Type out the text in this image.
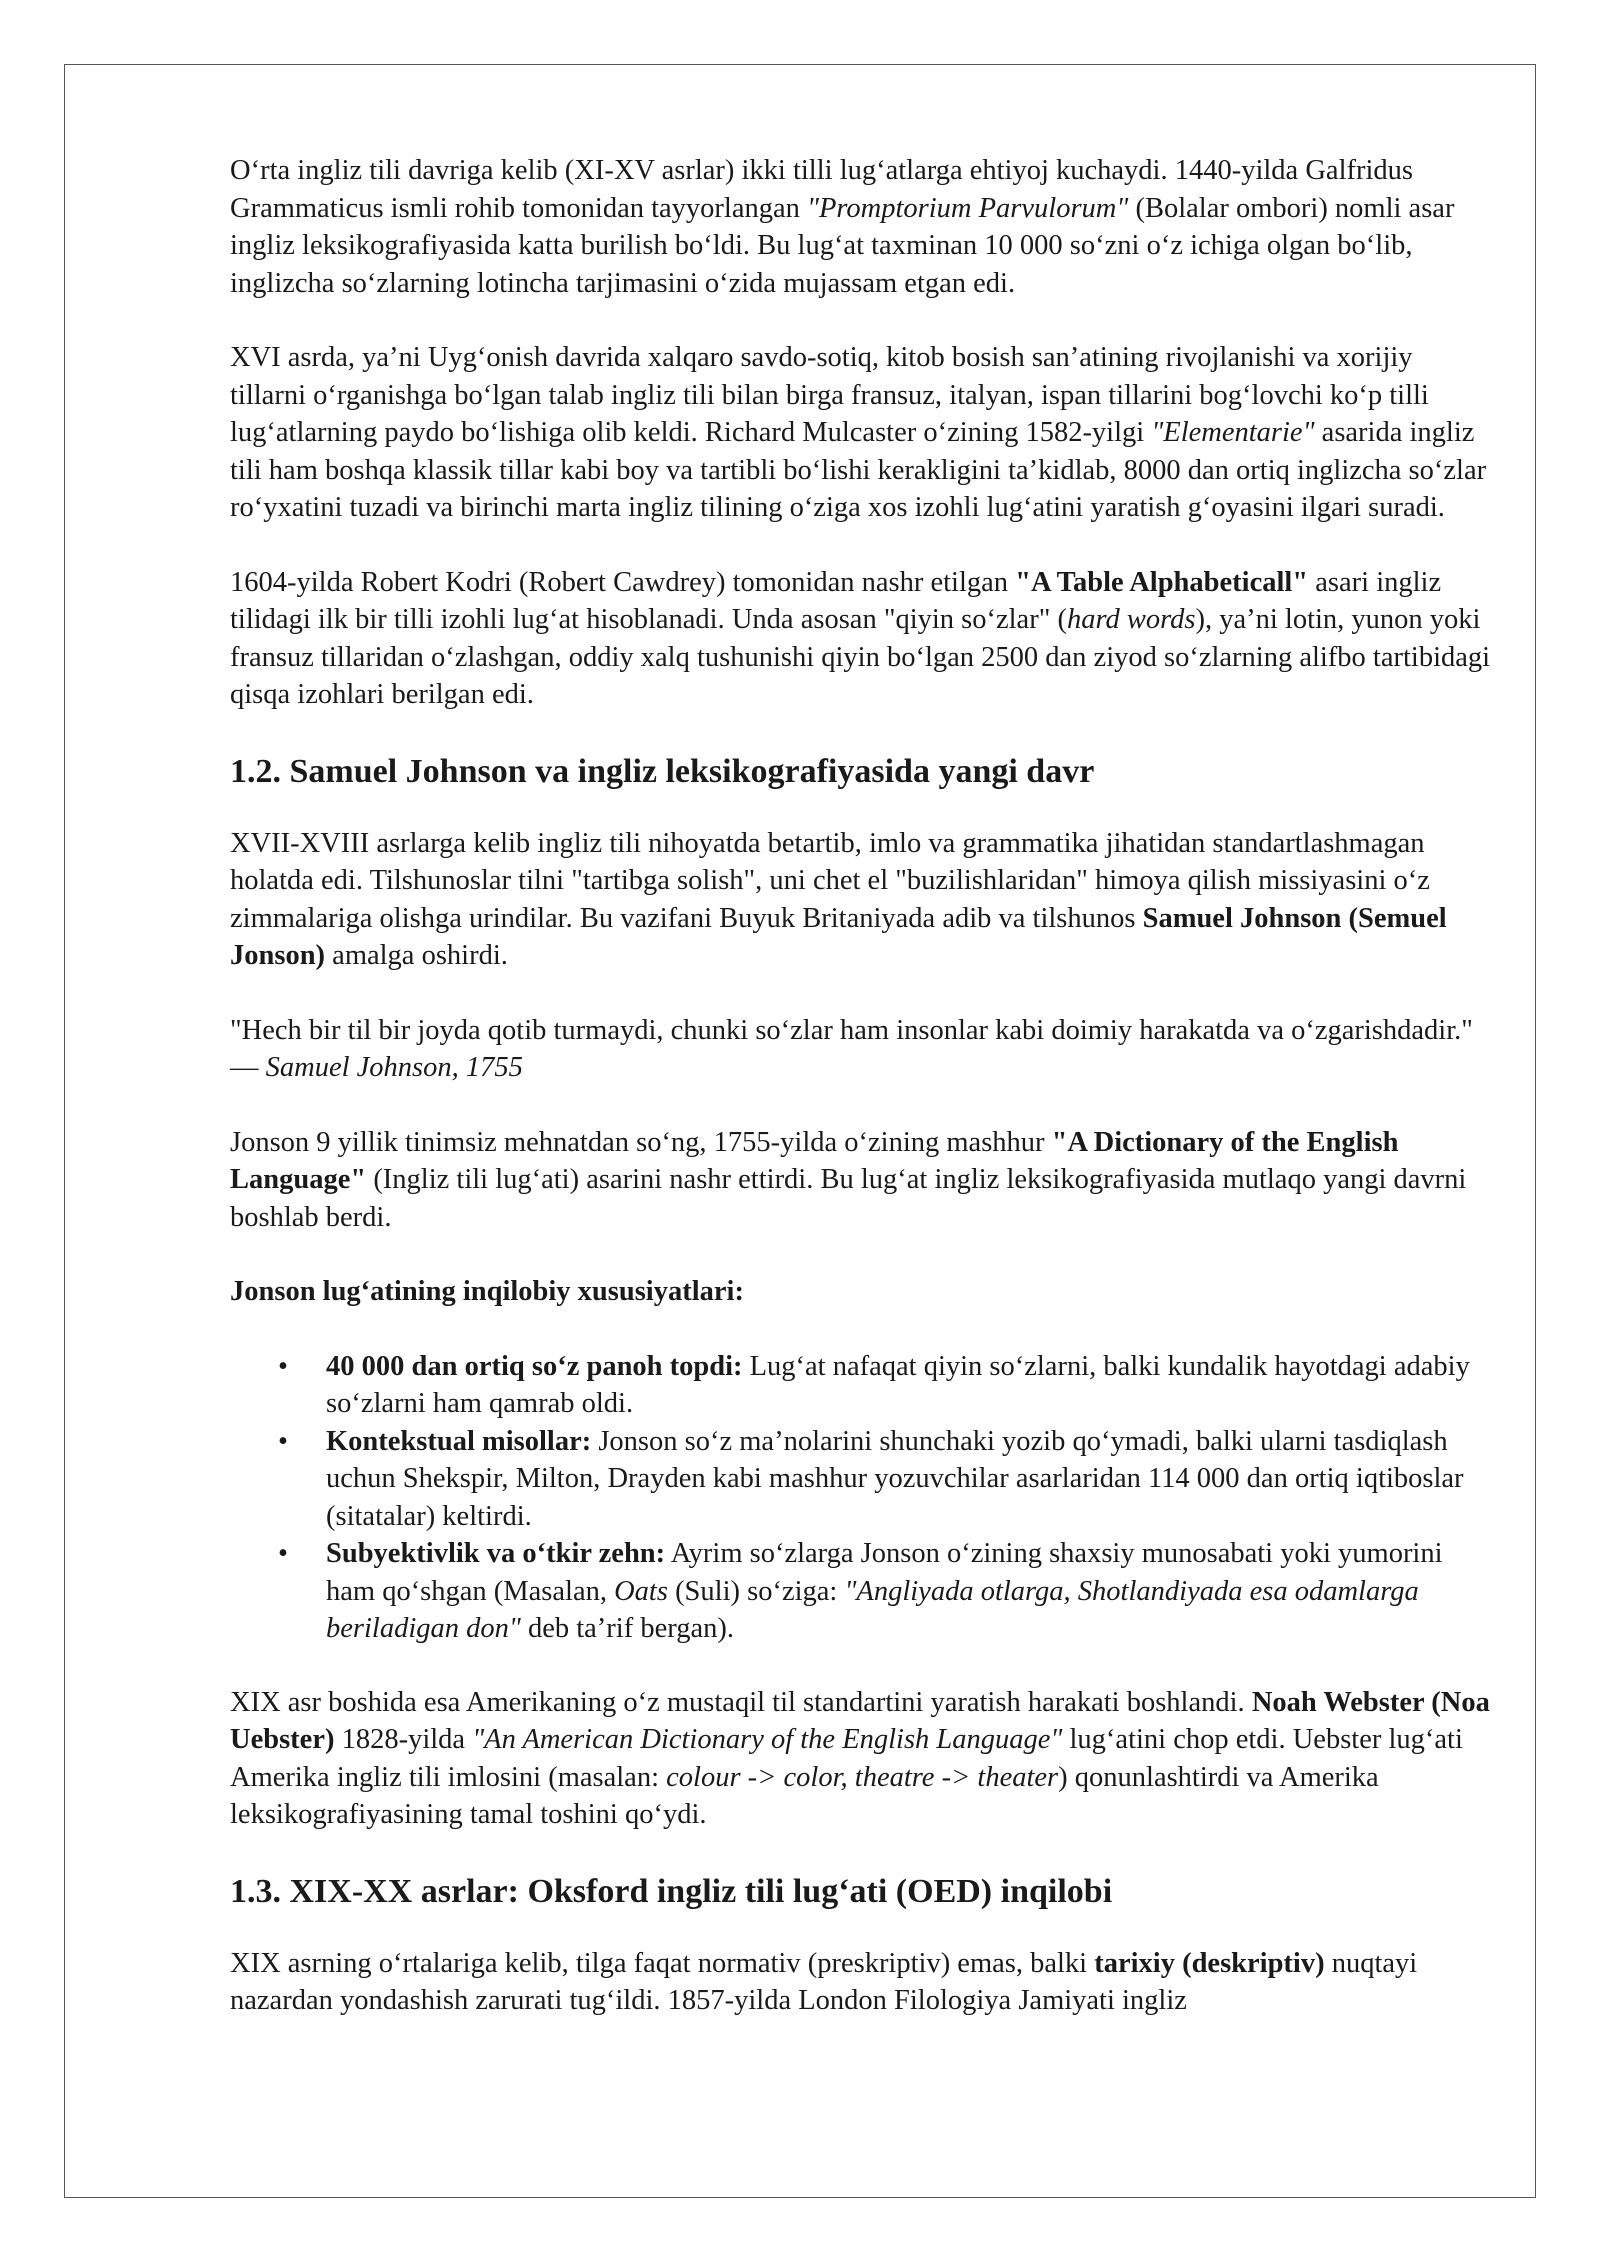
O‘rta ingliz tili davriga kelib (XI-XV asrlar) ikki tilli lug‘atlarga ehtiyoj kuchaydi. 1440-yilda Galfridus Grammaticus ismli rohib tomonidan tayyorlangan "Promptorium Parvulorum" (Bolalar ombori) nomli asar ingliz leksikografiyasida katta burilish bo‘ldi. Bu lug‘at taxminan 10 000 so‘zni o‘z ichiga olgan bo‘lib, inglizcha so‘zlarning lotincha tarjimasini o‘zida mujassam etgan edi.

XVI asrda, ya’ni Uyg‘onish davrida xalqaro savdo-sotiq, kitob bosish san’atining rivojlanishi va xorijiy tillarni o‘rganishga bo‘lgan talab ingliz tili bilan birga fransuz, italyan, ispan tillarini bog‘lovchi ko‘p tilli lug‘atlarning paydo bo‘lishiga olib keldi. Richard Mulcaster o‘zining 1582-yilgi "Elementarie" asarida ingliz tili ham boshqa klassik tillar kabi boy va tartibli bo‘lishi kerakligini ta’kidlab, 8000 dan ortiq inglizcha so‘zlar ro‘yxatini tuzadi va birinchi marta ingliz tilining o‘ziga xos izohli lug‘atini yaratish g‘oyasini ilgari suradi.

1604-yilda Robert Kodri (Robert Cawdrey) tomonidan nashr etilgan "A Table Alphabeticall" asari ingliz tilidagi ilk bir tilli izohli lug‘at hisoblanadi. Unda asosan "qiyin so‘zlar" (hard words), ya’ni lotin, yunon yoki fransuz tillaridan o‘zlashgan, oddiy xalq tushunishi qiyin bo‘lgan 2500 dan ziyod so‘zlarning alifbo tartibidagi qisqa izohlari berilgan edi.

1.2. Samuel Johnson va ingliz leksikografiyasida yangi davr

XVII-XVIII asrlarga kelib ingliz tili nihoyatda betartib, imlo va grammatika jihatidan standartlashmagan holatda edi. Tilshunoslar tilni "tartibga solish", uni chet el "buzilishlaridan" himoya qilish missiyasini o‘z zimmalariga olishga urindilar. Bu vazifani Buyuk Britaniyada adib va tilshunos Samuel Johnson (Semuel Jonson) amalga oshirdi.

"Hech bir til bir joyda qotib turmaydi, chunki so‘zlar ham insonlar kabi doimiy harakatda va o‘zgarishdadir." — Samuel Johnson, 1755

Jonson 9 yillik tinimsiz mehnatdan so‘ng, 1755-yilda o‘zining mashhur "A Dictionary of the English Language" (Ingliz tili lug‘ati) asarini nashr ettirdi. Bu lug‘at ingliz leksikografiyasida mutlaqo yangi davrni boshlab berdi.

Jonson lug‘atining inqilobiy xususiyatlari:

• 40 000 dan ortiq so‘z panoh topdi: Lug‘at nafaqat qiyin so‘zlarni, balki kundalik hayotdagi adabiy so‘zlarni ham qamrab oldi.
• Kontekstual misollar: Jonson so‘z ma’nolarini shunchaki yozib qo‘ymadi, balki ularni tasdiqlash uchun Shekspir, Milton, Drayden kabi mashhur yozuvchilar asarlaridan 114 000 dan ortiq iqtiboslar (sitatalar) keltirdi.
• Subyektivlik va o‘tkir zehn: Ayrim so‘zlarga Jonson o‘zining shaxsiy munosabati yoki yumorini ham qo‘shgan (Masalan, Oats (Suli) so‘ziga: "Angliyada otlarga, Shotlandiyada esa odamlarga beriladigan don" deb ta’rif bergan).

XIX asr boshida esa Amerikaning o‘z mustaqil til standartini yaratish harakati boshlandi. Noah Webster (Noa Uebster) 1828-yilda "An American Dictionary of the English Language" lug‘atini chop etdi. Uebster lug‘ati Amerika ingliz tili imlosini (masalan: colour -> color, theatre -> theater) qonunlashtirdi va Amerika leksikografiyasining tamal toshini qo‘ydi.

1.3. XIX-XX asrlar: Oksford ingliz tili lug‘ati (OED) inqilobi

XIX asrning o‘rtalariga kelib, tilga faqat normativ (preskriptiv) emas, balki tarixiy (deskriptiv) nuqtayi nazardan yondashish zarurati tug‘ildi. 1857-yilda London Filologiya Jamiyati ingliz
